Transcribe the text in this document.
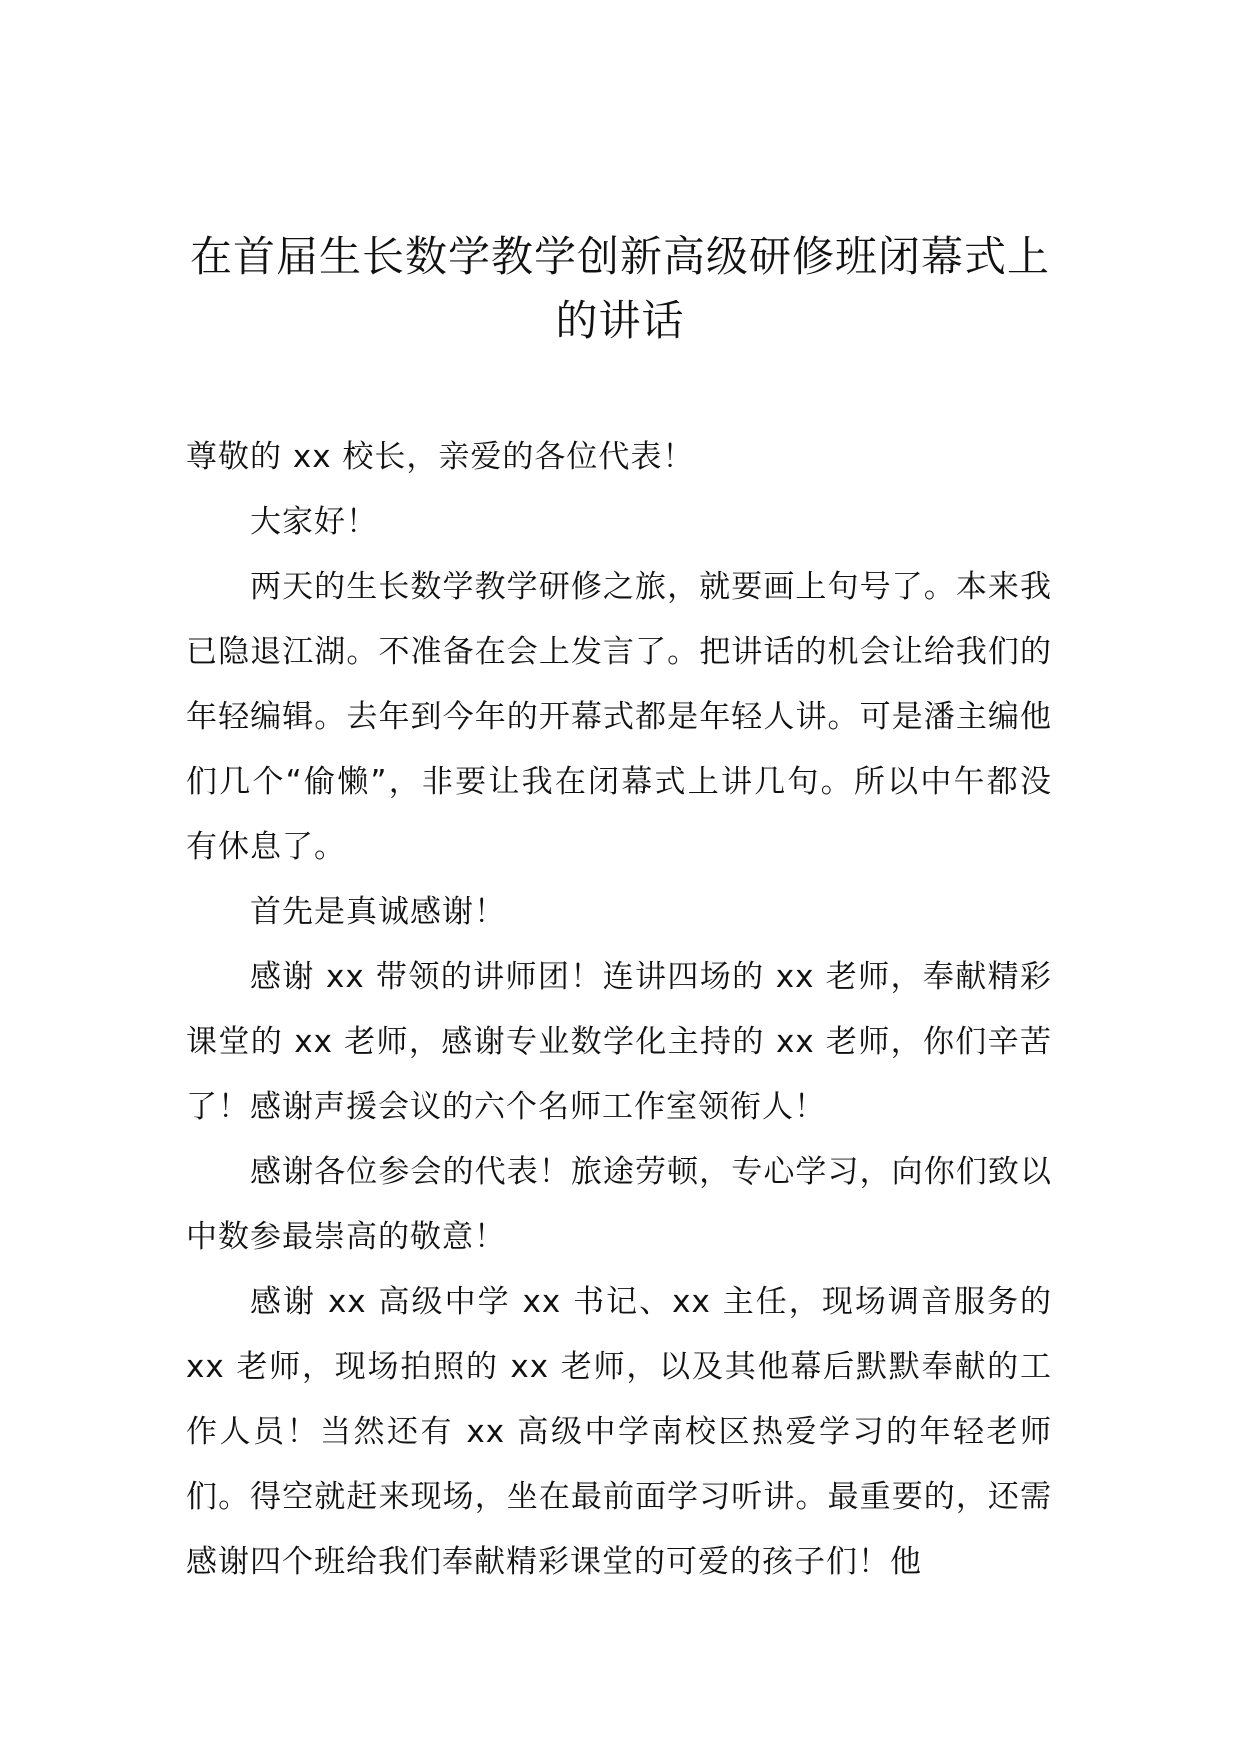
在首届生长数学教学创新高级研修班闭幕式上的讲话

尊敬的 xx 校长，亲爱的各位代表！

大家好！

两天的生长数学教学研修之旅，就要画上句号了。本来我已隐退江湖。不准备在会上发言了。把讲话的机会让给我们的年轻编辑。去年到今年的开幕式都是年轻人讲。可是潘主编他们几个“偷懒”，非要让我在闭幕式上讲几句。所以中午都没有休息了。

首先是真诚感谢！

感谢 xx 带领的讲师团！连讲四场的 xx 老师，奉献精彩课堂的 xx 老师，感谢专业数学化主持的 xx 老师，你们辛苦了！感谢声援会议的六个名师工作室领衔人！

感谢各位参会的代表！旅途劳顿，专心学习，向你们致以中数参最崇高的敬意！

感谢 xx 高级中学 xx 书记、xx 主任，现场调音服务的 xx 老师，现场拍照的 xx 老师，以及其他幕后默默奉献的工作人员！当然还有 xx 高级中学南校区热爱学习的年轻老师们。得空就赶来现场，坐在最前面学习听讲。最重要的，还需感谢四个班给我们奉献精彩课堂的可爱的孩子们！他
